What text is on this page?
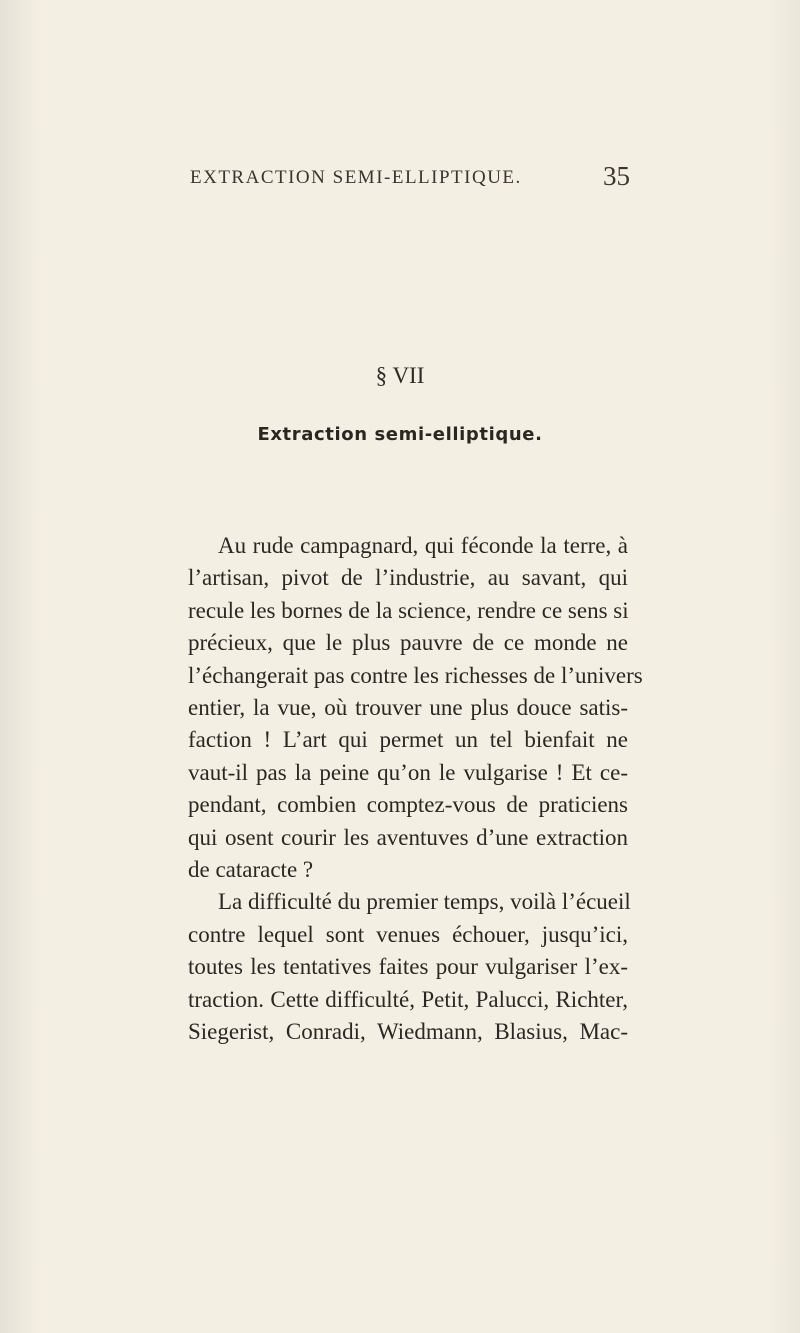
EXTRACTION SEMI-ELLIPTIQUE.	35
§ VII
Extraction semi-elliptique.

Au rude campagnard, qui féconde la terre, à
l’artisan, pivot de l’industrie, au savant, qui
recule les bornes de la science, rendre ce sens si
précieux, que le plus pauvre de ce monde ne
l’échangerait pas contre les richesses de l’univers
entier, la vue, où trouver une plus douce satis-
faction ! L’art qui permet un tel bienfait ne
vaut-il pas la peine qu’on le vulgarise ! Et ce-
pendant, combien comptez-vous de praticiens
qui osent courir les aventuves d’une extraction
de cataracte ?

La difficulté du premier temps, voilà l’écueil
contre lequel sont venues échouer, jusqu’ici,
toutes les tentatives faites pour vulgariser l’ex-
traction. Cette difficulté, Petit, Palucci, Richter,
Siegerist, Conradi, Wiedmann, Blasius, Mac-
